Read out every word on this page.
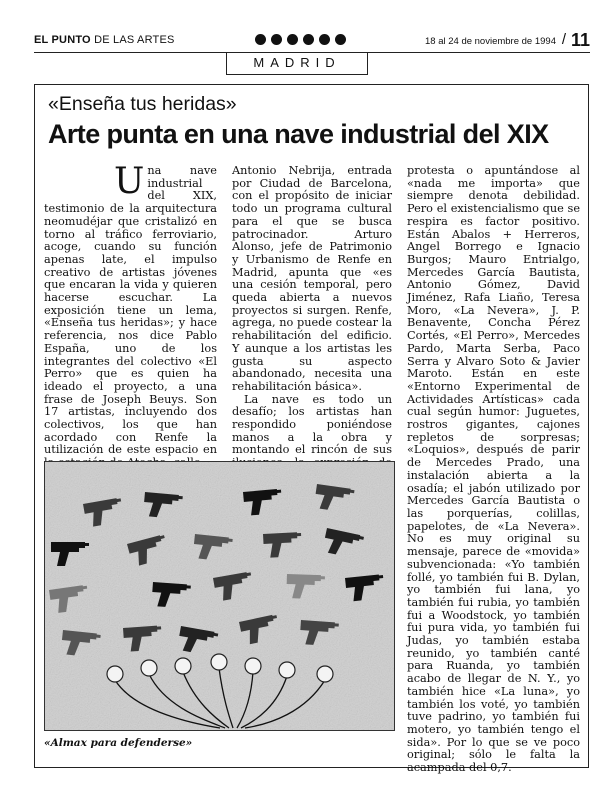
EL PUNTO DE LAS ARTES	18 al 24 de noviembre de 1994 / 11
MADRID
«Enseña tus heridas»
Arte punta en una nave industrial del XIX
U na nave industrial del XIX, testimonio de la arquitectura neomudéjar que cristalizó en torno al tráfico ferroviario, acoge, cuando su función apenas late, el impulso creativo de artistas jóvenes que encaran la vida y quieren hacerse escuchar. La exposición tiene un lema, «Enseña tus heridas»; y hace referencia, nos dice Pablo España, uno de los integrantes del colectivo «El Perro» que es quien ha ideado el proyecto, a una frase de Joseph Beuys. Son 17 artistas, incluyendo dos colectivos, los que han acordado con Renfe la utilización de este espacio en

Antonio Nebrija, entrada por Ciudad de Barcelona, con el propósito de iniciar todo un programa cultural para el que se busca patrocinador. Arturo Alonso, jefe de Patrimonio y Urbanismo de Renfe en Madrid, apunta que «es una cesión temporal, pero queda abierta a nuevos proyectos si surgen. Renfe, agrega, no puede costear la rehabilitación del edificio. Y aunque a los artistas les gusta su aspecto abandonado, necesita una rehabilitación básica».

La nave es todo un desafío; los artistas han respondido poniéndose manos a la obra y montando el rincón de sus

protesta o apuntándose al «nada me importa» que siempre denota debilidad. Pero el existencialismo que se respira es factor positivo. Están Abalos + Herreros, Angel Borrego e Ignacio Burgos; Mauro Entrialgo, Mercedes García Bautista, Antonio Gómez, David Jiménez, Rafa Liaño, Teresa Moro, «La Nevera», J. P. Benavente, Concha Pérez Cortés, «El Perro», Mercedes Pardo, Marta Serba, Paco Serra y Alvaro Soto & Javier Maroto. Están en este «Entorno Experimental de Actividades Artísticas» cada cual según humor: Juguetes, rostros gigantes, cajones repletos de sorpresas; «Loquios», después de parir de Mercedes Prado, una instalación abierta a la osadía; el jabón utilizado por Mercedes García Bautista o las porquerías, colillas, papelotes, de «La Nevera». No es muy original su mensaje, parece de «movida» subvencionada: «Yo también follé, yo también fui B. Dylan, yo también fui lana, yo también fui rubia, yo también fui a Woodstock, yo también fui pura vida, yo también fui Judas, yo también estaba reunido, yo también canté para Ruanda, yo también acabo de llegar de N. Y., yo también hice «La luna», yo también los voté, yo también tuve padrino, yo también fui motero, yo también tengo el sida». Por lo que se ve poco original; sólo le falta la acampada del 0,7.

«Almax para defenderse»
